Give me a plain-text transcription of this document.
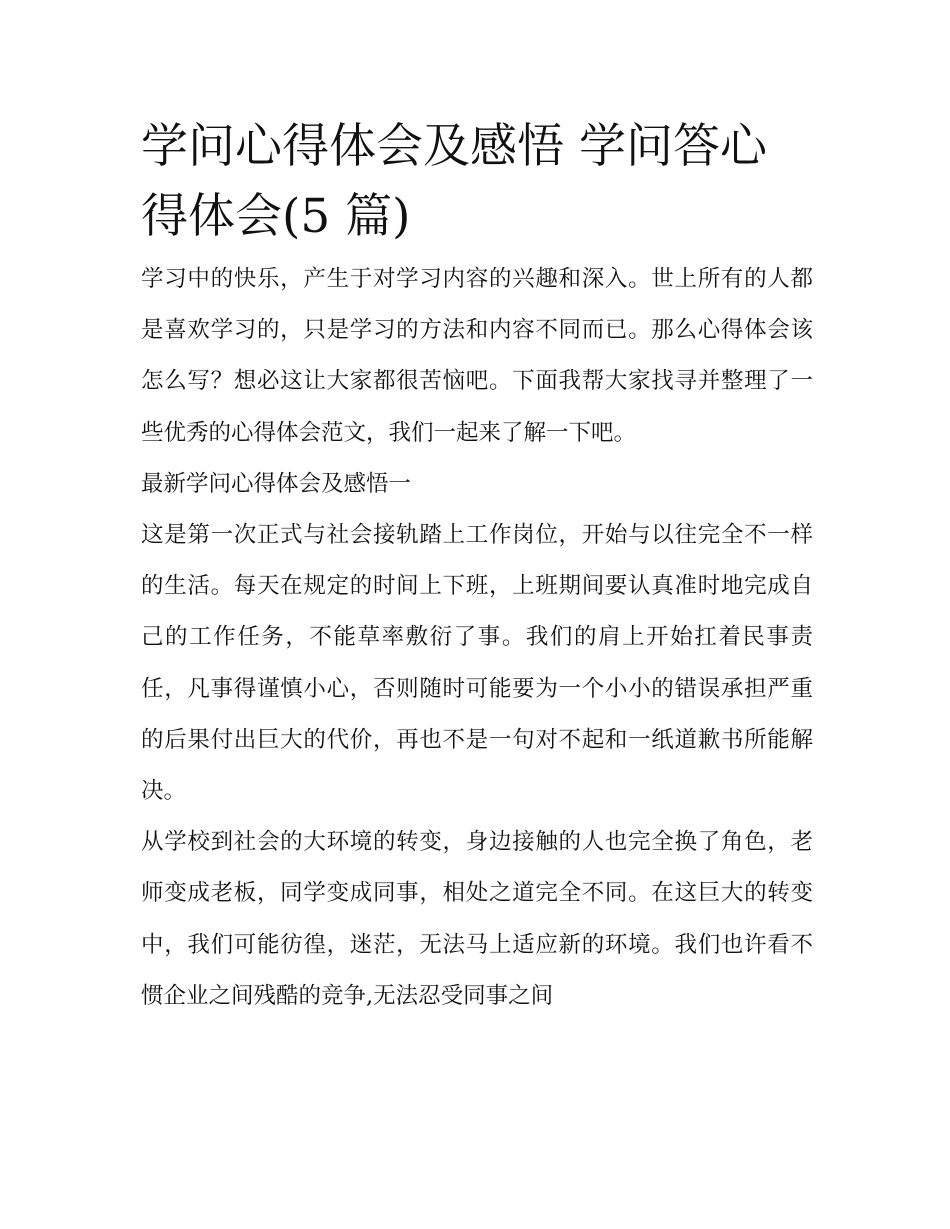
学问心得体会及感悟 学问答心得体会(5 篇)

学习中的快乐，产生于对学习内容的兴趣和深入。世上所有的人都是喜欢学习的，只是学习的方法和内容不同而已。那么心得体会该怎么写？想必这让大家都很苦恼吧。下面我帮大家找寻并整理了一些优秀的心得体会范文，我们一起来了解一下吧。

最新学问心得体会及感悟一

这是第一次正式与社会接轨踏上工作岗位，开始与以往完全不一样的生活。每天在规定的时间上下班，上班期间要认真准时地完成自己的工作任务，不能草率敷衍了事。我们的肩上开始扛着民事责任，凡事得谨慎小心，否则随时可能要为一个小小的错误承担严重的后果付出巨大的代价，再也不是一句对不起和一纸道歉书所能解决。

从学校到社会的大环境的转变，身边接触的人也完全换了角色，老师变成老板，同学变成同事，相处之道完全不同。在这巨大的转变中，我们可能彷徨，迷茫，无法马上适应新的环境。我们也许看不惯企业之间残酷的竞争,无法忍受同事之间
